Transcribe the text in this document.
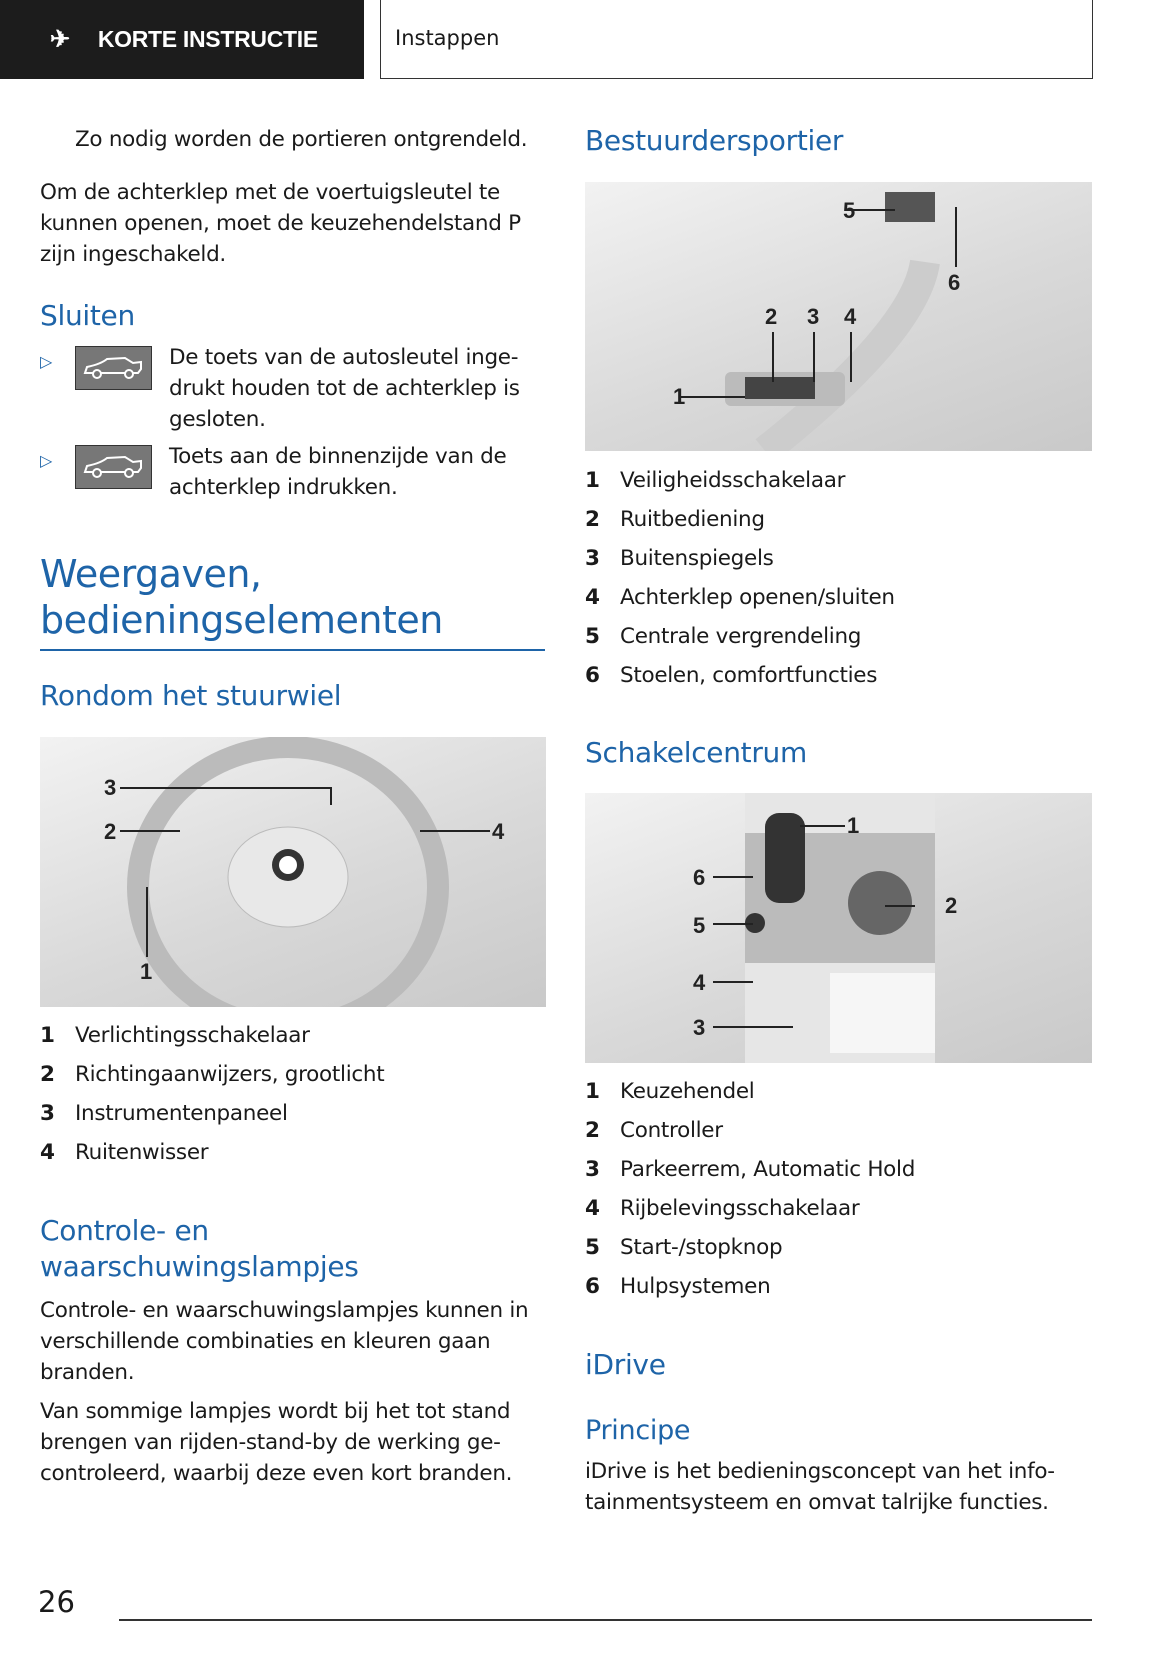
✈ KORTE INSTRUCTIE	Instappen
Zo nodig worden de portieren ontgrendeld.
Om de achterklep met de voertuigsleutel te kunnen openen, moet de keuzehendelstand P zijn ingeschakeld.
Sluiten
▷	De toets van de autosleutel ingedrukt houden tot de achterklep is gesloten.
▷	Toets aan de binnenzijde van de achterklep indrukken.
Weergaven, bedieningselementen
Rondom het stuurwiel
3
2	4
1
1 Verlichtingsschakelaar
2 Richtingaanwijzers, grootlicht
3 Instrumentenpaneel
4 Ruitenwisser
Controle- en waarschuwingslampjes
Controle- en waarschuwingslampjes kunnen in verschillende combinaties en kleuren gaan branden.
Van sommige lampjes wordt bij het tot stand brengen van rijden-stand-by de werking gecontroleerd, waarbij deze even kort branden.
Bestuurdersportier
1
2 3 4
5
6
1 Veiligheidsschakelaar
2 Ruitbediening
3 Buitenspiegels
4 Achterklep openen/sluiten
5 Centrale vergrendeling
6 Stoelen, comfortfuncties
Schakelcentrum
1
2
3
4
5
6
1 Keuzehendel
2 Controller
3 Parkeerrem, Automatic Hold
4 Rijbelevingsschakelaar
5 Start-/stopknop
6 Hulpsystemen
iDrive
Principe
iDrive is het bedieningsconcept van het infotainmentsysteem en omvat talrijke functies.
26
